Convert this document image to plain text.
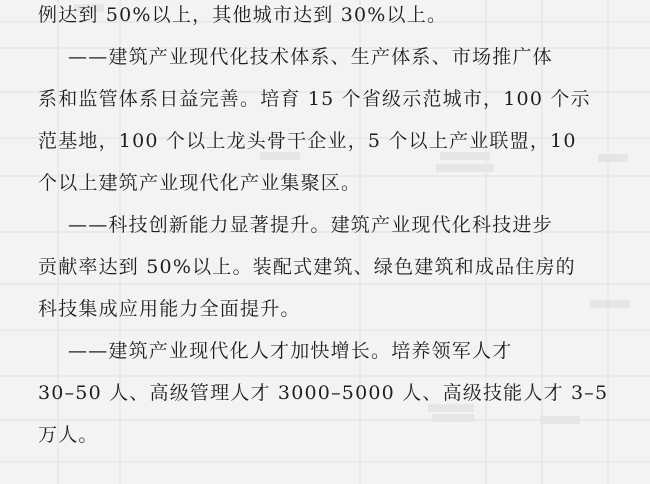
例达到 50%以上，其他城市达到 30%以上。
——建筑产业现代化技术体系、生产体系、市场推广体
系和监管体系日益完善。培育 15 个省级示范城市，100 个示
范基地，100 个以上龙头骨干企业，5 个以上产业联盟，10
个以上建筑产业现代化产业集聚区。
——科技创新能力显著提升。建筑产业现代化科技进步
贡献率达到 50%以上。装配式建筑、绿色建筑和成品住房的
科技集成应用能力全面提升。
——建筑产业现代化人才加快增长。培养领军人才
30–50 人、高级管理人才 3000–5000 人、高级技能人才 3–5
万人。
